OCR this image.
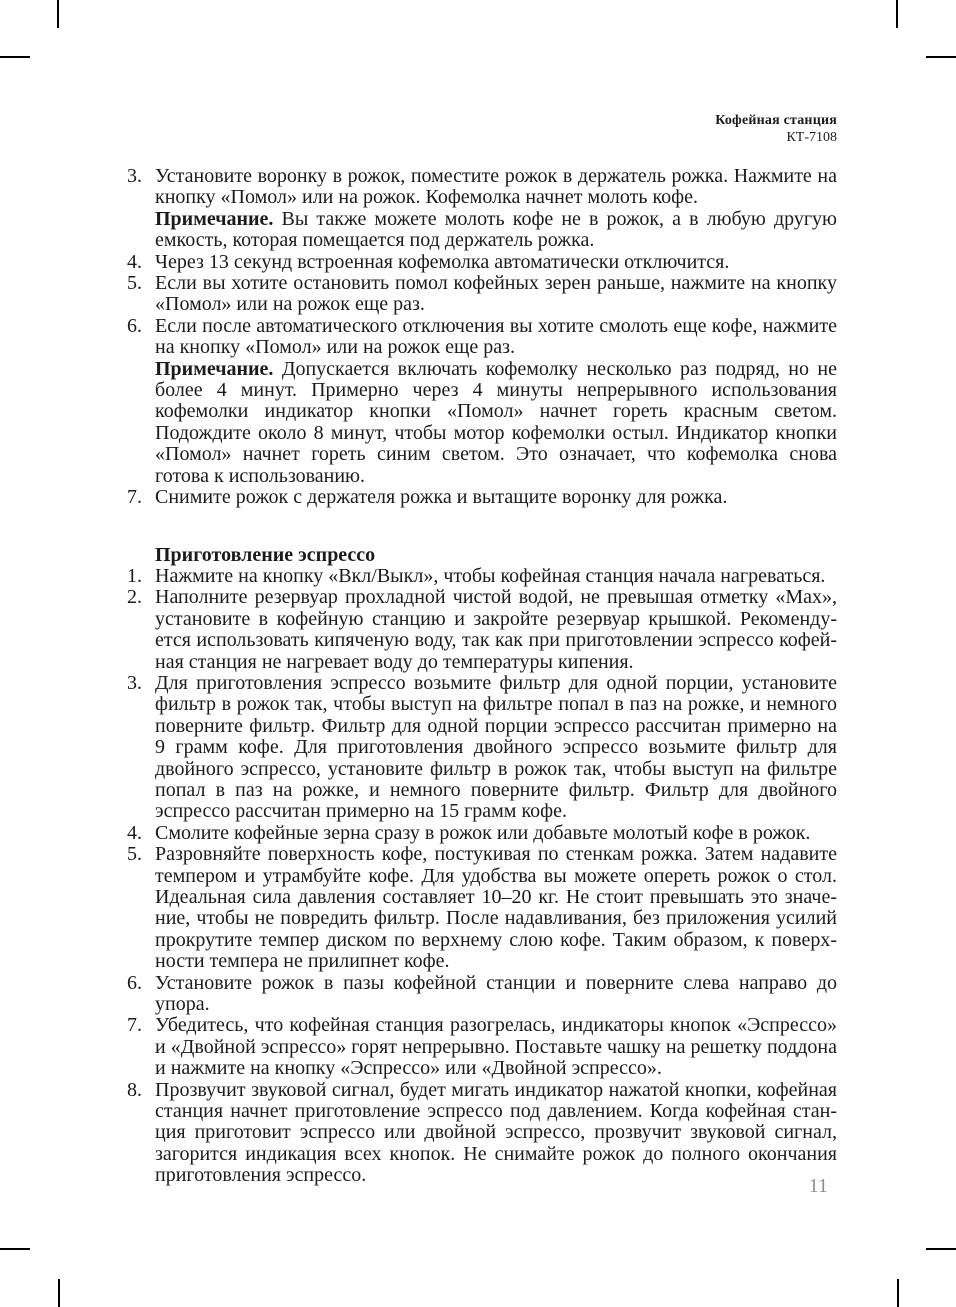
Кофейная станция
КТ-7108
3. Установите воронку в рожок, поместите рожок в держатель рожка. Нажмите на кнопку «Помол» или на рожок. Кофемолка начнет молоть кофе.
Примечание. Вы также можете молоть кофе не в рожок, а в любую другую емкость, которая помещается под держатель рожка.
4. Через 13 секунд встроенная кофемолка автоматически отключится.
5. Если вы хотите остановить помол кофейных зерен раньше, нажмите на кнопку «Помол» или на рожок еще раз.
6. Если после автоматического отключения вы хотите смолоть еще кофе, нажмите на кнопку «Помол» или на рожок еще раз.
Примечание. Допускается включать кофемолку несколько раз подряд, но не более 4 минут. Примерно через 4 минуты непрерывного использования кофемолки индикатор кнопки «Помол» начнет гореть красным светом. Подождите около 8 минут, чтобы мотор кофемолки остыл. Индикатор кнопки «Помол» начнет гореть синим светом. Это означает, что кофемолка снова готова к использованию.
7. Снимите рожок с держателя рожка и вытащите воронку для рожка.
Приготовление эспрессо
1. Нажмите на кнопку «Вкл/Выкл», чтобы кофейная станция начала нагреваться.
2. Наполните резервуар прохладной чистой водой, не превышая отметку «Max», установите в кофейную станцию и закройте резервуар крышкой. Рекомендуется использовать кипяченую воду, так как при приготовлении эспрессо кофейная станция не нагревает воду до температуры кипения.
3. Для приготовления эспрессо возьмите фильтр для одной порции, установите фильтр в рожок так, чтобы выступ на фильтре попал в паз на рожке, и немного поверните фильтр. Фильтр для одной порции эспрессо рассчитан примерно на 9 грамм кофе. Для приготовления двойного эспрессо возьмите фильтр для двойного эспрессо, установите фильтр в рожок так, чтобы выступ на фильтре попал в паз на рожке, и немного поверните фильтр. Фильтр для двойного эспрессо рассчитан примерно на 15 грамм кофе.
4. Смолите кофейные зерна сразу в рожок или добавьте молотый кофе в рожок.
5. Разровняйте поверхность кофе, постукивая по стенкам рожка. Затем надавите темпером и утрамбуйте кофе. Для удобства вы можете опереть рожок о стол. Идеальная сила давления составляет 10–20 кг. Не стоит превышать это значение, чтобы не повредить фильтр. После надавливания, без приложения усилий прокрутите темпер диском по верхнему слою кофе. Таким образом, к поверхности темпера не прилипнет кофе.
6. Установите рожок в пазы кофейной станции и поверните слева направо до упора.
7. Убедитесь, что кофейная станция разогрелась, индикаторы кнопок «Эспрессо» и «Двойной эспрессо» горят непрерывно. Поставьте чашку на решетку поддона и нажмите на кнопку «Эспрессо» или «Двойной эспрессо».
8. Прозвучит звуковой сигнал, будет мигать индикатор нажатой кнопки, кофейная станция начнет приготовление эспрессо под давлением. Когда кофейная станция приготовит эспрессо или двойной эспрессо, прозвучит звуковой сигнал, загорится индикация всех кнопок. Не снимайте рожок до полного окончания приготовления эспрессо.	11
